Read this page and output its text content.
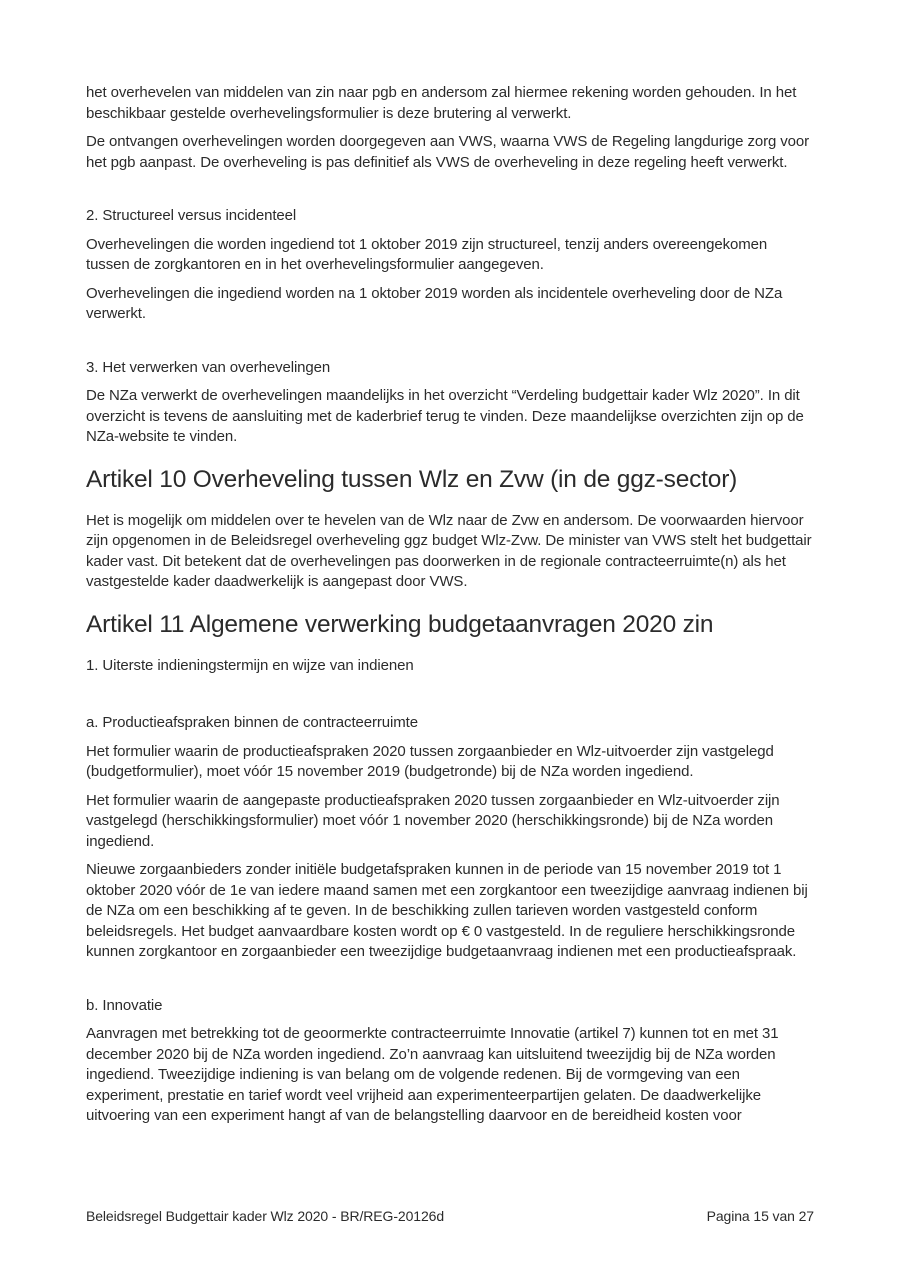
het overhevelen van middelen van zin naar pgb en andersom zal hiermee rekening worden gehouden. In het beschikbaar gestelde overhevelingsformulier is deze brutering al verwerkt.

De ontvangen overhevelingen worden doorgegeven aan VWS, waarna VWS de Regeling langdurige zorg voor het pgb aanpast. De overheveling is pas definitief als VWS de overheveling in deze regeling heeft verwerkt.

2. Structureel versus incidenteel

Overhevelingen die worden ingediend tot 1 oktober 2019 zijn structureel, tenzij anders overeengekomen tussen de zorgkantoren en in het overhevelingsformulier aangegeven.

Overhevelingen die ingediend worden na 1 oktober 2019 worden als incidentele overheveling door de NZa verwerkt.

3. Het verwerken van overhevelingen

De NZa verwerkt de overhevelingen maandelijks in het overzicht “Verdeling budgettair kader Wlz 2020”. In dit overzicht is tevens de aansluiting met de kaderbrief terug te vinden. Deze maandelijkse overzichten zijn op de NZa-website te vinden.

Artikel 10 Overheveling tussen Wlz en Zvw (in de ggz-sector)

Het is mogelijk om middelen over te hevelen van de Wlz naar de Zvw en andersom. De voorwaarden hiervoor zijn opgenomen in de Beleidsregel overheveling ggz budget Wlz-Zvw. De minister van VWS stelt het budgettair kader vast. Dit betekent dat de overhevelingen pas doorwerken in de regionale contracteerruimte(n) als het vastgestelde kader daadwerkelijk is aangepast door VWS.

Artikel 11 Algemene verwerking budgetaanvragen 2020 zin

1. Uiterste indieningstermijn en wijze van indienen

a. Productieafspraken binnen de contracteerruimte

Het formulier waarin de productieafspraken 2020 tussen zorgaanbieder en Wlz-uitvoerder zijn vastgelegd (budgetformulier), moet vóór 15 november 2019 (budgetronde) bij de NZa worden ingediend.

Het formulier waarin de aangepaste productieafspraken 2020 tussen zorgaanbieder en Wlz-uitvoerder zijn vastgelegd (herschikkingsformulier) moet vóór 1 november 2020 (herschikkingsronde) bij de NZa worden ingediend.

Nieuwe zorgaanbieders zonder initiële budgetafspraken kunnen in de periode van 15 november 2019 tot 1 oktober 2020 vóór de 1e van iedere maand samen met een zorgkantoor een tweezijdige aanvraag indienen bij de NZa om een beschikking af te geven. In de beschikking zullen tarieven worden vastgesteld conform beleidsregels. Het budget aanvaardbare kosten wordt op € 0 vastgesteld. In de reguliere herschikkingsronde kunnen zorgkantoor en zorgaanbieder een tweezijdige budgetaanvraag indienen met een productieafspraak.

b. Innovatie

Aanvragen met betrekking tot de geoormerkte contracteerruimte Innovatie (artikel 7) kunnen tot en met 31 december 2020 bij de NZa worden ingediend. Zo’n aanvraag kan uitsluitend tweezijdig bij de NZa worden ingediend. Tweezijdige indiening is van belang om de volgende redenen. Bij de vormgeving van een experiment, prestatie en tarief wordt veel vrijheid aan experimenteerpartijen gelaten. De daadwerkelijke uitvoering van een experiment hangt af van de belangstelling daarvoor en de bereidheid kosten voor

Beleidsregel Budgettair kader Wlz 2020 - BR/REG-20126d	Pagina 15 van 27
